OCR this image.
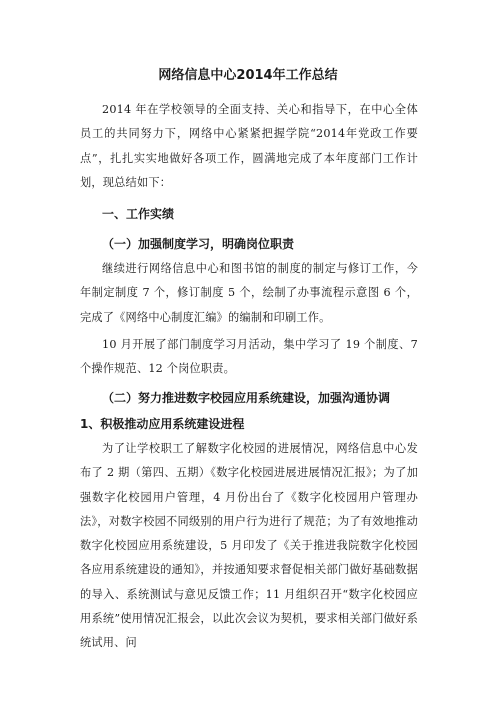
网络信息中心2014年工作总结
2014 年在学校领导的全面支持、关心和指导下，在中心全体员工的共同努力下，网络中心紧紧把握学院“2014年党政工作要点”，扎扎实实地做好各项工作，圆满地完成了本年度部门工作计划，现总结如下：
一、工作实绩
（一）加强制度学习，明确岗位职责
继续进行网络信息中心和图书馆的制度的制定与修订工作，今年制定制度 7 个，修订制度 5 个，绘制了办事流程示意图 6 个，完成了《网络中心制度汇编》的编制和印刷工作。
10 月开展了部门制度学习月活动，集中学习了 19 个制度、7 个操作规范、12 个岗位职责。
（二）努力推进数字校园应用系统建设，加强沟通协调
1、积极推动应用系统建设进程
为了让学校职工了解数字化校园的进展情况，网络信息中心发布了 2 期（第四、五期）《数字化校园进展进展情况汇报》；为了加强数字化校园用户管理，4 月份出台了《数字化校园用户管理办法》，对数字校园不同级别的用户行为进行了规范；为了有效地推动数字化校园应用系统建设，5 月印发了《关于推进我院数字化校园各应用系统建设的通知》，并按通知要求督促相关部门做好基础数据的导入、系统测试与意见反馈工作；11 月组织召开“数字化校园应用系统”使用情况汇报会，以此次会议为契机，要求相关部门做好系统试用、问
